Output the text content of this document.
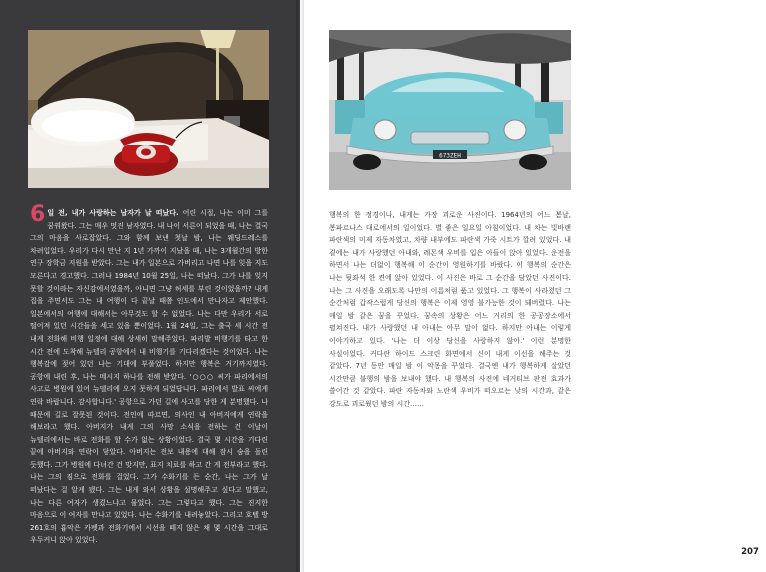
6 일 전, 내가 사랑하는 남자가 날 떠났다. 어린 시절, 나는 이미 그를 꿈꿔왔다. 그는 매우 멋진 남자였다. 내 나이 서른이 되었을 때, 나는 결국 그의 마음을 사로잡았다. 그와 함께 보낸 첫날 밤, 나는 웨딩드레스를 차려입었다. 우리가 다시 만난 지 1년 가까이 지났을 때, 나는 3개월간의 방한 연구 장학금 지원을 받았다. 그는 내가 일본으로 가버리고 나면 나를 잊을 지도 모른다고 경고했다. 그러나 1984년 10월 25일, 나는 떠났다. 그가 나를 잊지 못할 것이라는 자신감에서였을까, 아니면 그냥 허세를 부린 것이었을까? 내게 집을 주면서도 그는 내 여행이 다 끝날 때쯤 인도에서 만나자고 제안했다. 일본에서의 여행에 대해서는 아무것도 할 수 없었다. 나는 다만 우리가 서로 떨어져 있던 시간들을 세고 있을 뿐이었다. 1월 24일, 그는 출국 세 시간 전 내게 전화해 비행 일정에 대해 상세히 말해주었다. 파리발 비행기를 타고 한 시간 전에 도착해 뉴델리 공항에서 내 비행기를 기다리겠다는 것이었다. 나는 행복감에 젖어 있던 나는 기대에 부풀었다. 하지만 행복은 거기까지였다. 공항에 내린 후, 나는 메시지 하나를 전해 받았다. '○○○ 씨가 파리에서의 사고로 병원에 있어 뉴델리에 오지 못하게 되었답니다. 파리에서 발표 씨에게 연락 바랍니다. 감사합니다.' 공항으로 가던 길에 사고를 당한 게 분명했다. 나 때문에 길로 잘못된 것이다. 전인에 따르면, 의사인 내 아버지에게 연락을 해보라고 했다. 아버지가 내게 그의 사망 소식을 전하는 건 이날이 뉴델리에서는 바로 전화를 할 수가 없는 상황이었다. 결국 몇 시간을 기다린 끝에 아버지와 연락이 닿았다. 아버지는 전보 내용에 대해 잠시 숨을 돌린 듯했다. 그가 병원에 다녀간 건 맞지만, 표지 치료를 하고 간 게 전부라고 했다. 나는 그의 짐으로 전화를 걸었다. 그가 수화기를 든 순간, 나는 그가 날 떠났다는 걸 알게 됐다. 그는 내게 와서 상황을 설명해주고 싶다고 말했고, 나는 다른 여자가 생겼느냐고 물었다. 그는 그렇다고 했다. 그는 진지한 마음으로 이 여자를 만나고 있었다. 나는 수화기를 내려놓았다. 그리고 호텔 방 261호의 흉악은 카펫과 전화기에서 시선을 떼지 않은 채 몇 시간을 그대로 우두커니 앉아 있었다.
207
673ZEH
행복의 한 정경이나, 내게는 가장 괴로운 사진이다. 1964년의 어느 봄날, 봉파르나스 대로에서의 일이었다. 별 좋은 일요일 아침이었다. 내 차는 빛바랜 파란색의 미제 자동차였고, 차량 내부에도 파란색 가죽 시트가 깔려 있었다. 내 곁에는 내가 사랑했던 아내와, 레몬색 우비를 입은 아들이 앉아 있었다. 운전을 하면서 나는 더없이 행복해 이 순간이 영원하기를 바랐다. 이 행복의 순간은 나는 뒷좌석 한 켠에 앉아 있었다. 이 사진은 바로 그 순간을 담았던 사진이다. 나는 그 사진을 오래도록 나만의 이름처럼 품고 있었다. 그 행복이 사라졌던 그 순간처럼 갑작스럽게 당신의 행복은 이제 영영 불가능한 것이 돼버렸다. 나는 매일 밤 같은 꿈을 꾸었다. 꿈속의 상황은 어느 거리의 한 공공장소에서 펼쳐진다. 내가 사랑했던 내 아내는 아무 말이 없다. 하지만 아내는 이렇게 이야기하고 있다. '나는 더 이상 당신을 사랑하지 않아.' 이런 분명한 사실이었다. 커다란 하이드 스크린 화면에서 신이 내게 이선을 해주는 것 같았다. 7년 동안 매일 밤 이 악몽을 꾸었다. 결국엔 내가 행복하게 살았던 시간만큼 불행의 밤을 보내야 했다. 내 행복의 사진에 네거티브 판전 효과가 쓸어간 것 같았다. 파란 자동차와 노란색 우비가 떠오르는 낮의 시간과, 같은 강도로 괴로웠던 밤의 시간……
